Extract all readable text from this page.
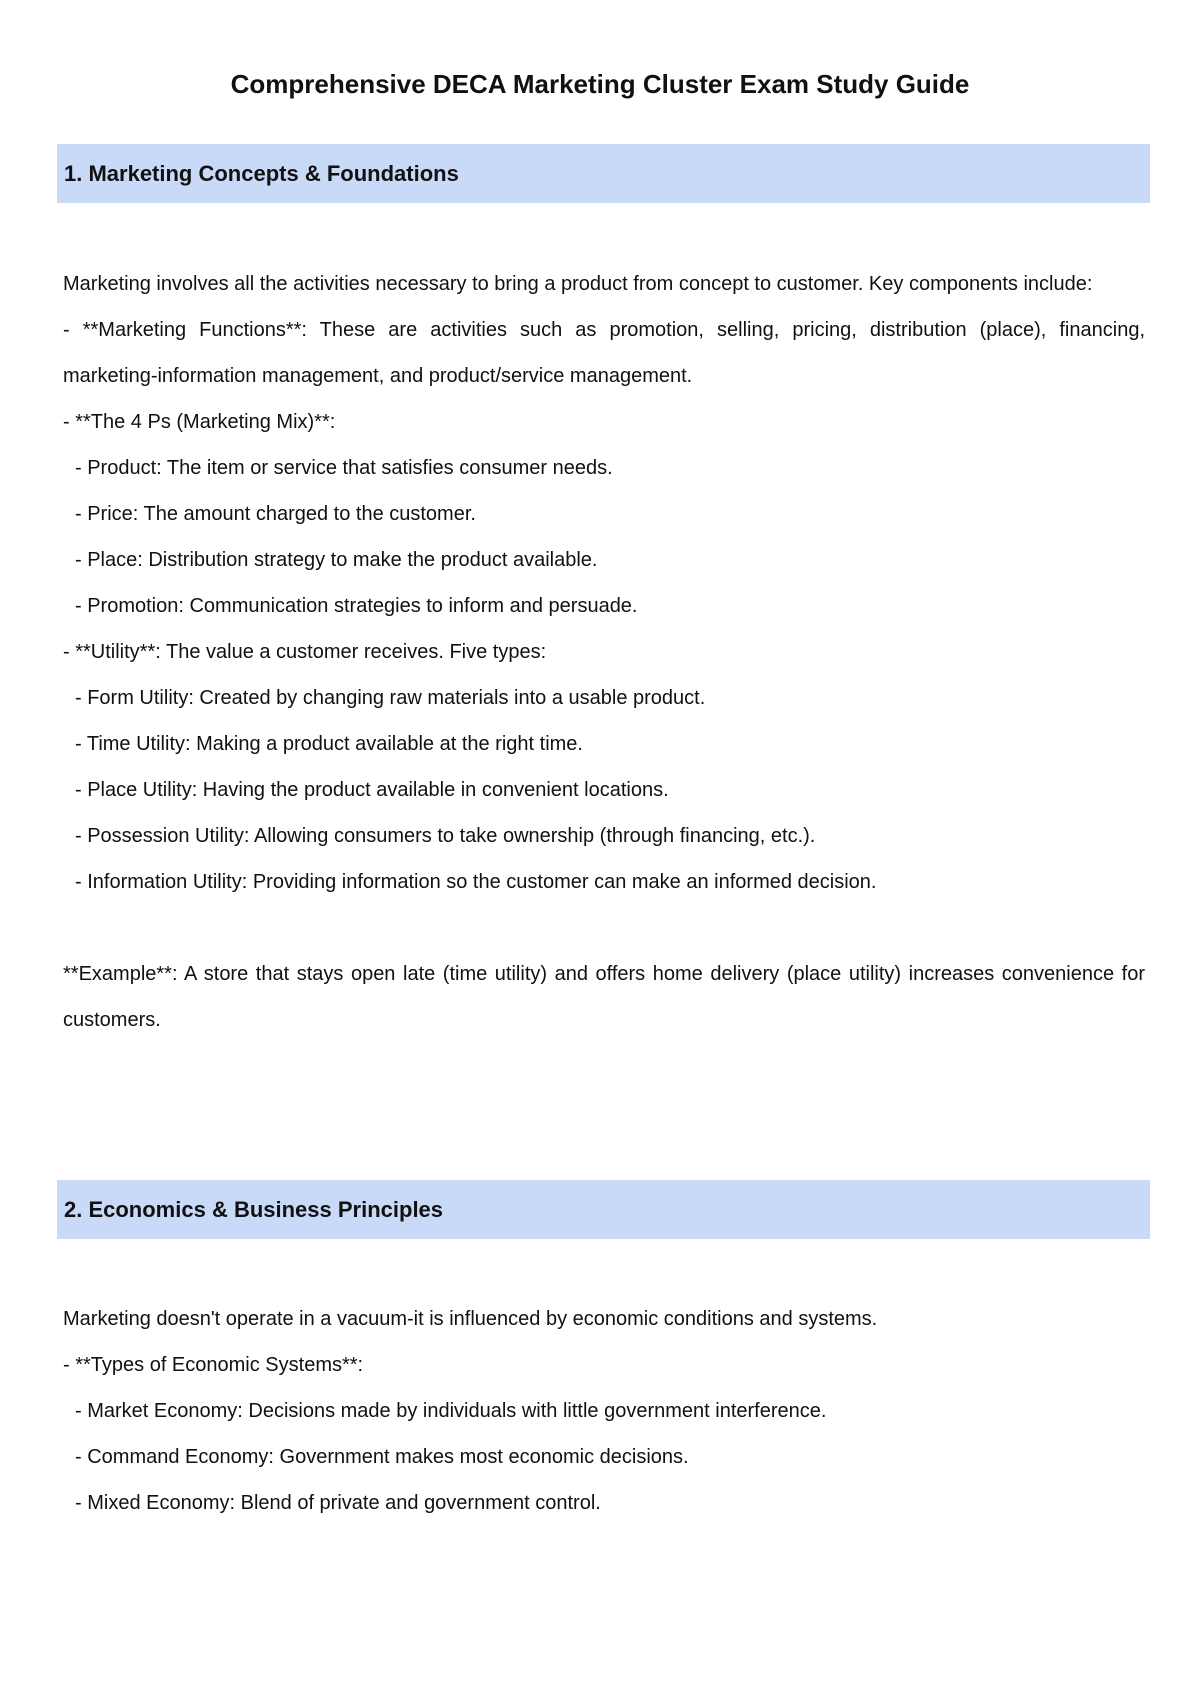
Comprehensive DECA Marketing Cluster Exam Study Guide
1. Marketing Concepts & Foundations

Marketing involves all the activities necessary to bring a product from concept to customer. Key components include:

- **Marketing Functions**: These are activities such as promotion, selling, pricing, distribution (place), financing, marketing-information management, and product/service management.

- **The 4 Ps (Marketing Mix)**:

- Product: The item or service that satisfies consumer needs.

- Price: The amount charged to the customer.

- Place: Distribution strategy to make the product available.

- Promotion: Communication strategies to inform and persuade.

- **Utility**: The value a customer receives. Five types:

- Form Utility: Created by changing raw materials into a usable product.

- Time Utility: Making a product available at the right time.

- Place Utility: Having the product available in convenient locations.

- Possession Utility: Allowing consumers to take ownership (through financing, etc.).

- Information Utility: Providing information so the customer can make an informed decision.

**Example**: A store that stays open late (time utility) and offers home delivery (place utility) increases convenience for customers.

2. Economics & Business Principles

Marketing doesn't operate in a vacuum-it is influenced by economic conditions and systems.

- **Types of Economic Systems**:

- Market Economy: Decisions made by individuals with little government interference.

- Command Economy: Government makes most economic decisions.

- Mixed Economy: Blend of private and government control.
